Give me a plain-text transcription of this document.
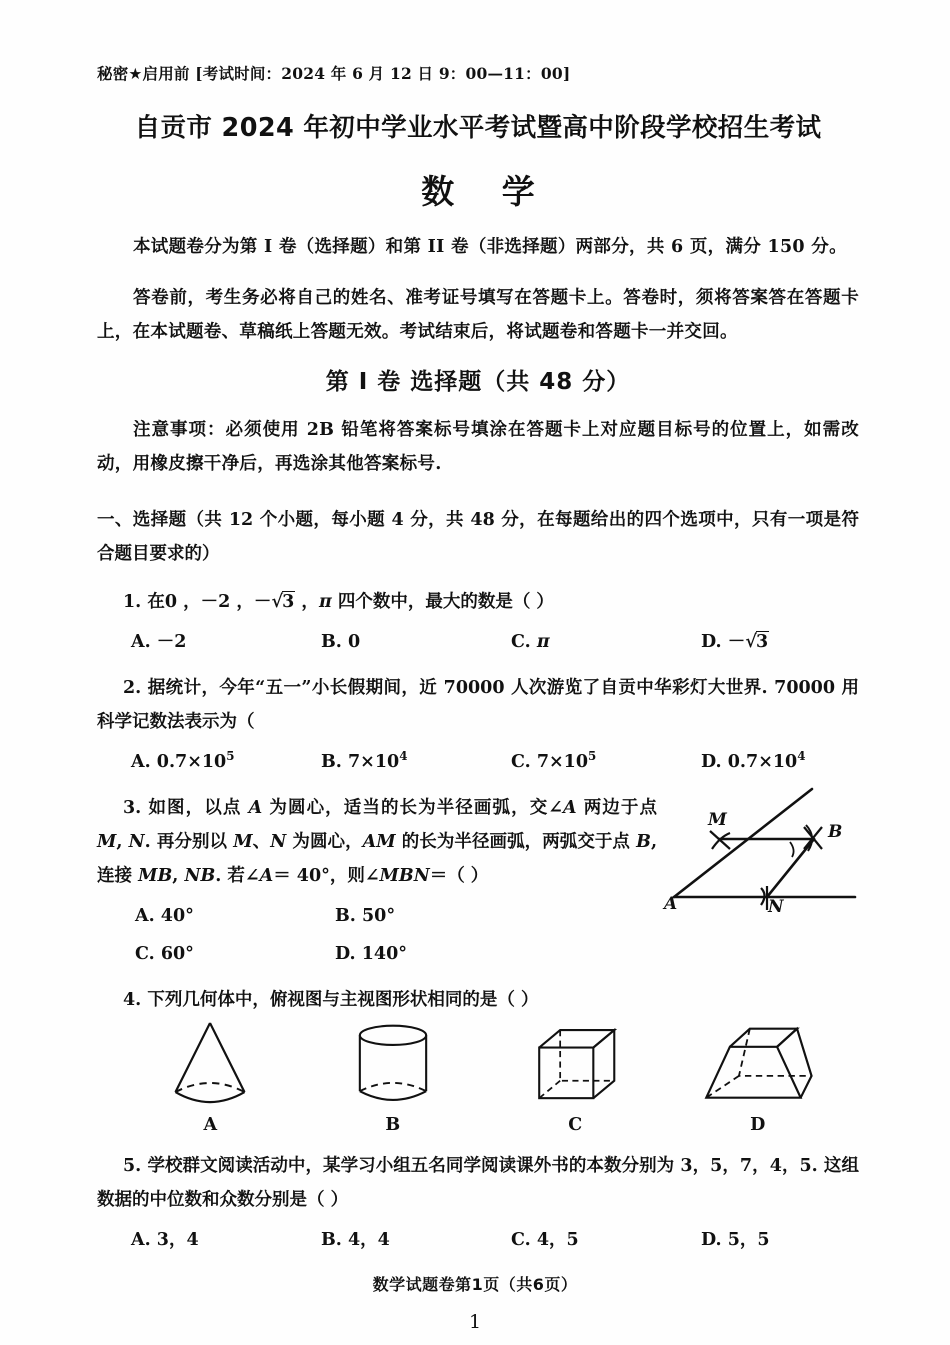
秘密★启用前 [考试时间：2024 年 6 月 12 日 9：00—11：00]
自贡市 2024 年初中学业水平考试暨高中阶段学校招生考试
数 学
本试题卷分为第 I 卷（选择题）和第 II 卷（非选择题）两部分，共 6 页，满分 150 分。
答卷前，考生务必将自己的姓名、准考证号填写在答题卡上。答卷时，须将答案答在答题卡上，在本试题卷、草稿纸上答题无效。考试结束后，将试题卷和答题卡一并交回。
第 I 卷 选择题（共 48 分）
注意事项：必须使用 2B 铅笔将答案标号填涂在答题卡上对应题目标号的位置上，如需改动，用橡皮擦干净后，再选涂其他答案标号.
一、选择题（共 12 个小题，每小题 4 分，共 48 分，在每题给出的四个选项中，只有一项是符合题目要求的）
1. 在0 ，－2 ，－√3 ，π 四个数中，最大的数是（ ）
A. －2	B. 0	C. π	D. －√3
2. 据统计，今年“五一”小长假期间，近 70000 人次游览了自贡中华彩灯大世界. 70000 用科学记数法表示为（
A. $0.7\times 10^5$	B. $7\times 10^4$	C. $7\times 10^5$	D. $0.7\times 10^4$
3. 如图，以点 A 为圆心，适当的长为半径画弧，交∠A 两边于点 M, N. 再分别以 M、N 为圆心，AM 的长为半径画弧，两弧交于点 B, 连接 MB, NB. 若∠A＝ 40°，则∠MBN＝（ ）
A
M
N
B
A. 40°	B. 50°
C. 60°	D. 140°
4. 下列几何体中，俯视图与主视图形状相同的是（ ）
A	B	C	D
5. 学校群文阅读活动中，某学习小组五名同学阅读课外书的本数分别为 3，5，7，4，5. 这组数据的中位数和众数分别是（ ）
A. 3，4	B. 4，4	C. 4，5	D. 5，5
数学试题卷第1页（共6页）
1
